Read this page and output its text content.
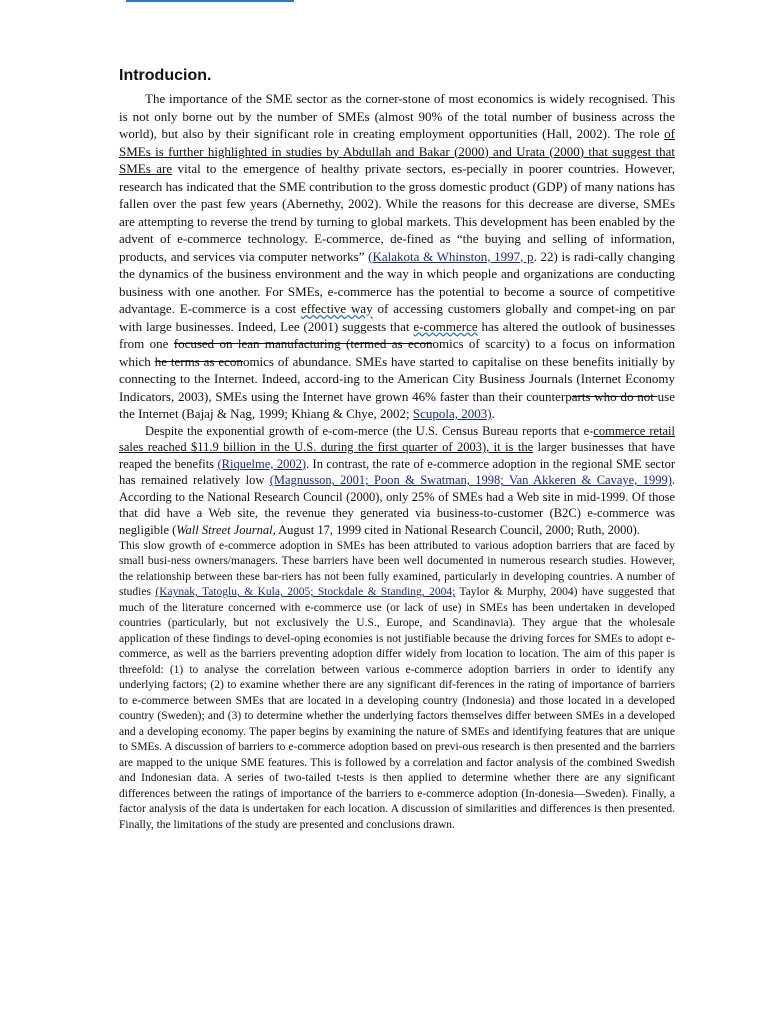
Introducion.

The importance of the SME sector as the corner-stone of most economics is widely recognised. This is not only borne out by the number of SMEs (almost 90% of the total number of business across the world), but also by their significant role in creating employment opportunities (Hall, 2002). The role of SMEs is further highlighted in studies by Abdullah and Bakar (2000) and Urata (2000) that suggest that SMEs are vital to the emergence of healthy private sectors, es-pecially in poorer countries. However, research has indicated that the SME contribution to the gross domestic product (GDP) of many nations has fallen over the past few years (Abernethy, 2002). While the reasons for this decrease are diverse, SMEs are attempting to reverse the trend by turning to global markets. This development has been enabled by the advent of e-commerce technology. E-commerce, de-fined as “the buying and selling of information, products, and services via computer networks” (Kalakota & Whinston, 1997, p. 22) is radi-cally changing the dynamics of the business environment and the way in which people and organizations are conducting business with one another. For SMEs, e-commerce has the potential to become a source of competitive advantage. E-commerce is a cost effective way of accessing customers globally and compet-ing on par with large businesses. Indeed, Lee (2001) suggests that e-commerce has altered the outlook of businesses from one focused on lean manufacturing (termed as economics of scarcity) to a focus on information which he terms as economics of abundance. SMEs have started to capitalise on these benefits initially by connecting to the Internet. Indeed, accord-ing to the American City Business Journals (Internet Economy Indicators, 2003), SMEs using the Internet have grown 46% faster than their counterparts who do not use the Internet (Bajaj & Nag, 1999; Khiang & Chye, 2002; Scupola, 2003).

Despite the exponential growth of e-com-merce (the U.S. Census Bureau reports that e-commerce retail sales reached $11.9 billion in the U.S. during the first quarter of 2003), it is the larger businesses that have reaped the benefits (Riquelme, 2002). In contrast, the rate of e-commerce adoption in the regional SME sector has remained relatively low (Magnusson, 2001; Poon & Swatman, 1998; Van Akkeren & Cavaye, 1999). According to the National Research Council (2000), only 25% of SMEs had a Web site in mid-1999. Of those that did have a Web site, the revenue they generated via business-to-customer (B2C) e-commerce was negligible (Wall Street Journal, August 17, 1999 cited in National Research Council, 2000; Ruth, 2000).

This slow growth of e-commerce adoption in SMEs has been attributed to various adoption barriers that are faced by small busi-ness owners/managers. These barriers have been well documented in numerous research studies. However, the relationship between these bar-riers has not been fully examined, particularly in developing countries. A number of studies (Kaynak, Tatoglu, & Kula, 2005; Stockdale & Standing, 2004; Taylor & Murphy, 2004) have suggested that much of the literature concerned with e-commerce use (or lack of use) in SMEs has been undertaken in developed countries (particularly, but not exclusively the U.S., Europe, and Scandinavia). They argue that the wholesale application of these findings to devel-oping economies is not justifiable because the driving forces for SMEs to adopt e-commerce, as well as the barriers preventing adoption differ widely from location to location. The aim of this paper is threefold: (1) to analyse the correlation between various e-commerce adoption barriers in order to identify any underlying factors; (2) to examine whether there are any significant dif-ferences in the rating of importance of barriers to e-commerce between SMEs that are located in a developing country (Indonesia) and those located in a developed country (Sweden); and (3) to determine whether the underlying factors themselves differ between SMEs in a developed and a developing economy. The paper begins by examining the nature of SMEs and identifying features that are unique to SMEs. A discussion of barriers to e-commerce adoption based on previ-ous research is then presented and the barriers are mapped to the unique SME features. This is followed by a correlation and factor analysis of the combined Swedish and Indonesian data. A series of two-tailed t-tests is then applied to determine whether there are any significant differences between the ratings of importance of the barriers to e-commerce adoption (In-donesia—Sweden). Finally, a factor analysis of the data is undertaken for each location. A discussion of similarities and differences is then presented. Finally, the limitations of the study are presented and conclusions drawn.
